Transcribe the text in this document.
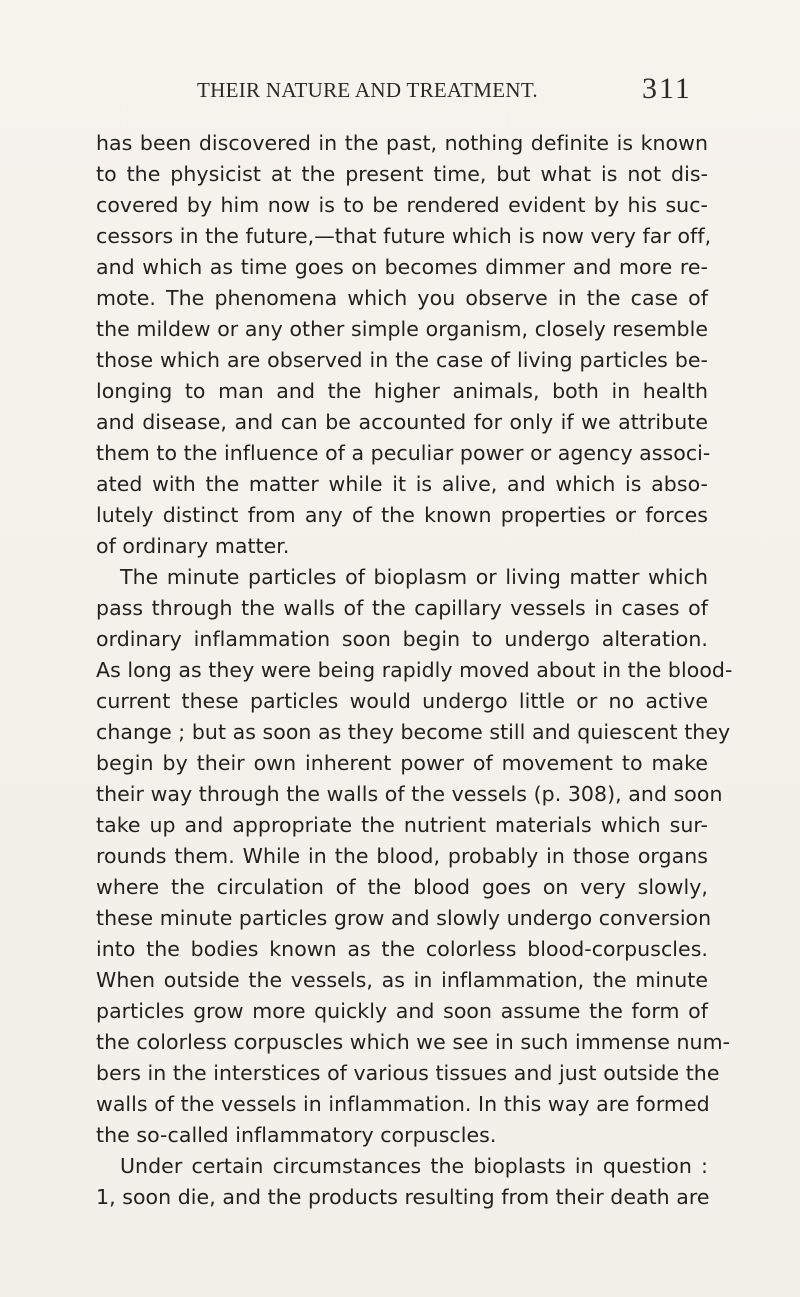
THEIR NATURE AND TREATMENT.	311
has been discovered in the past, nothing definite is known
to the physicist at the present time, but what is not dis-
covered by him now is to be rendered evident by his suc-
cessors in the future,—that future which is now very far off,
and which as time goes on becomes dimmer and more re-
mote. The phenomena which you observe in the case of
the mildew or any other simple organism, closely resemble
those which are observed in the case of living particles be-
longing to man and the higher animals, both in health
and disease, and can be accounted for only if we attribute
them to the influence of a peculiar power or agency associ-
ated with the matter while it is alive, and which is abso-
lutely distinct from any of the known properties or forces
of ordinary matter.
The minute particles of bioplasm or living matter which
pass through the walls of the capillary vessels in cases of
ordinary inflammation soon begin to undergo alteration.
As long as they were being rapidly moved about in the blood-
current these particles would undergo little or no active
change ; but as soon as they become still and quiescent they
begin by their own inherent power of movement to make
their way through the walls of the vessels (p. 308), and soon
take up and appropriate the nutrient materials which sur-
rounds them. While in the blood, probably in those organs
where the circulation of the blood goes on very slowly,
these minute particles grow and slowly undergo conversion
into the bodies known as the colorless blood-corpuscles.
When outside the vessels, as in inflammation, the minute
particles grow more quickly and soon assume the form of
the colorless corpuscles which we see in such immense num-
bers in the interstices of various tissues and just outside the
walls of the vessels in inflammation. In this way are formed
the so-called inflammatory corpuscles.
Under certain circumstances the bioplasts in question :
1, soon die, and the products resulting from their death are
